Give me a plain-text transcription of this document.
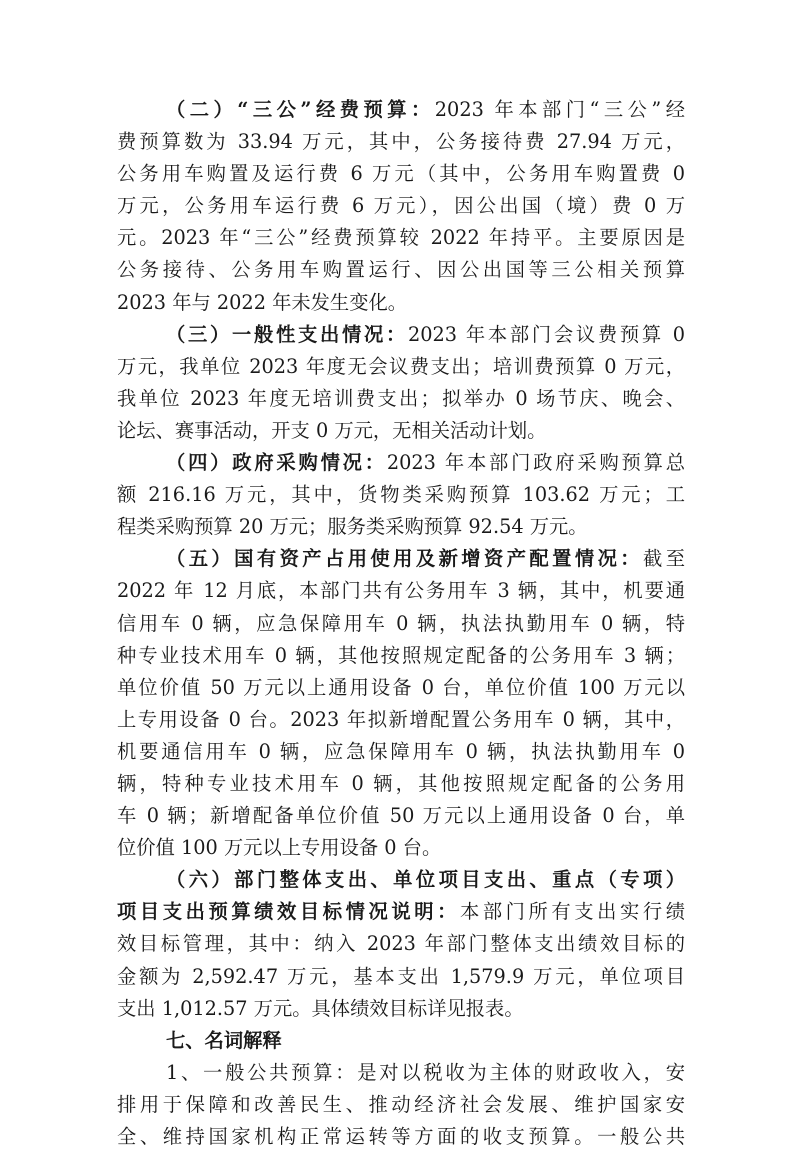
（二）“三公”经费预算：2023 年本部门“三公”经
费预算数为 33.94 万元，其中，公务接待费 27.94 万元，
公务用车购置及运行费 6 万元（其中，公务用车购置费 0
万元，公务用车运行费 6 万元），因公出国（境）费 0 万
元。2023 年“三公”经费预算较 2022 年持平。主要原因是
公务接待、公务用车购置运行、因公出国等三公相关预算
2023 年与 2022 年未发生变化。
（三）一般性支出情况：2023 年本部门会议费预算 0
万元，我单位 2023 年度无会议费支出；培训费预算 0 万元，
我单位 2023 年度无培训费支出；拟举办 0 场节庆、晚会、
论坛、赛事活动，开支 0 万元，无相关活动计划。
（四）政府采购情况：2023 年本部门政府采购预算总
额 216.16 万元，其中，货物类采购预算 103.62 万元；工
程类采购预算 20 万元；服务类采购预算 92.54 万元。
（五）国有资产占用使用及新增资产配置情况：截至
2022 年 12 月底，本部门共有公务用车 3 辆，其中，机要通
信用车 0 辆，应急保障用车 0 辆，执法执勤用车 0 辆，特
种专业技术用车 0 辆，其他按照规定配备的公务用车 3 辆；
单位价值 50 万元以上通用设备 0 台，单位价值 100 万元以
上专用设备 0 台。2023 年拟新增配置公务用车 0 辆，其中，
机要通信用车 0 辆，应急保障用车 0 辆，执法执勤用车 0
辆，特种专业技术用车 0 辆，其他按照规定配备的公务用
车 0 辆；新增配备单位价值 50 万元以上通用设备 0 台，单
位价值 100 万元以上专用设备 0 台。
（六）部门整体支出、单位项目支出、重点（专项）
项目支出预算绩效目标情况说明：本部门所有支出实行绩
效目标管理，其中：纳入 2023 年部门整体支出绩效目标的
金额为 2,592.47 万元，基本支出 1,579.9 万元，单位项目
支出 1,012.57 万元。具体绩效目标详见报表。
七、名词解释
1、一般公共预算：是对以税收为主体的财政收入，安
排用于保障和改善民生、推动经济社会发展、维护国家安
全、维持国家机构正常运转等方面的收支预算。一般公共
